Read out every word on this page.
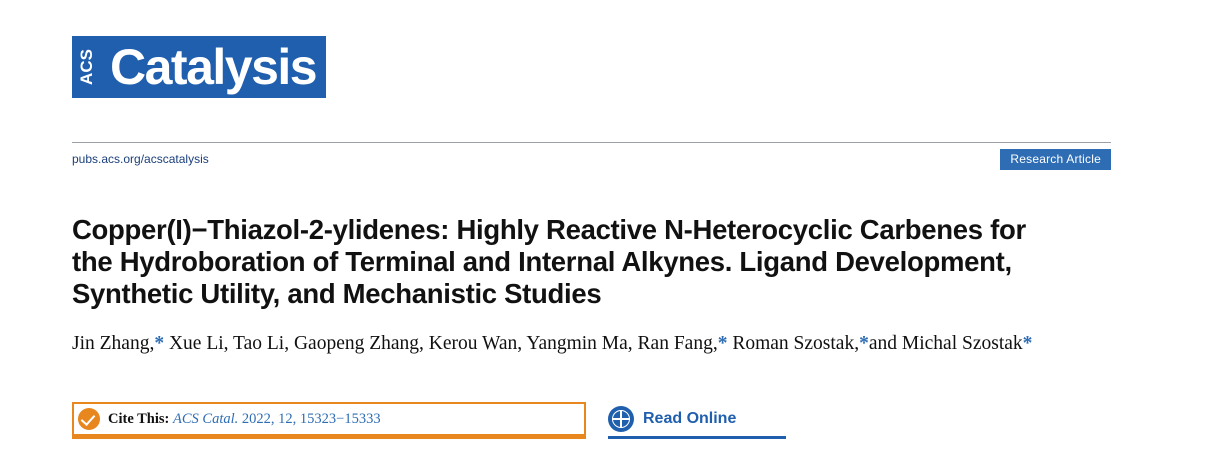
ACS Catalysis
pubs.acs.org/acscatalysis	Research Article
Copper(I)−Thiazol-2-ylidenes: Highly Reactive N-Heterocyclic Carbenes for the Hydroboration of Terminal and Internal Alkynes. Ligand Development, Synthetic Utility, and Mechanistic Studies
Jin Zhang,* Xue Li, Tao Li, Gaopeng Zhang, Kerou Wan, Yangmin Ma, Ran Fang,* Roman Szostak,*and Michal Szostak*
Cite This: ACS Catal. 2022, 12, 15323−15333	Read Online
